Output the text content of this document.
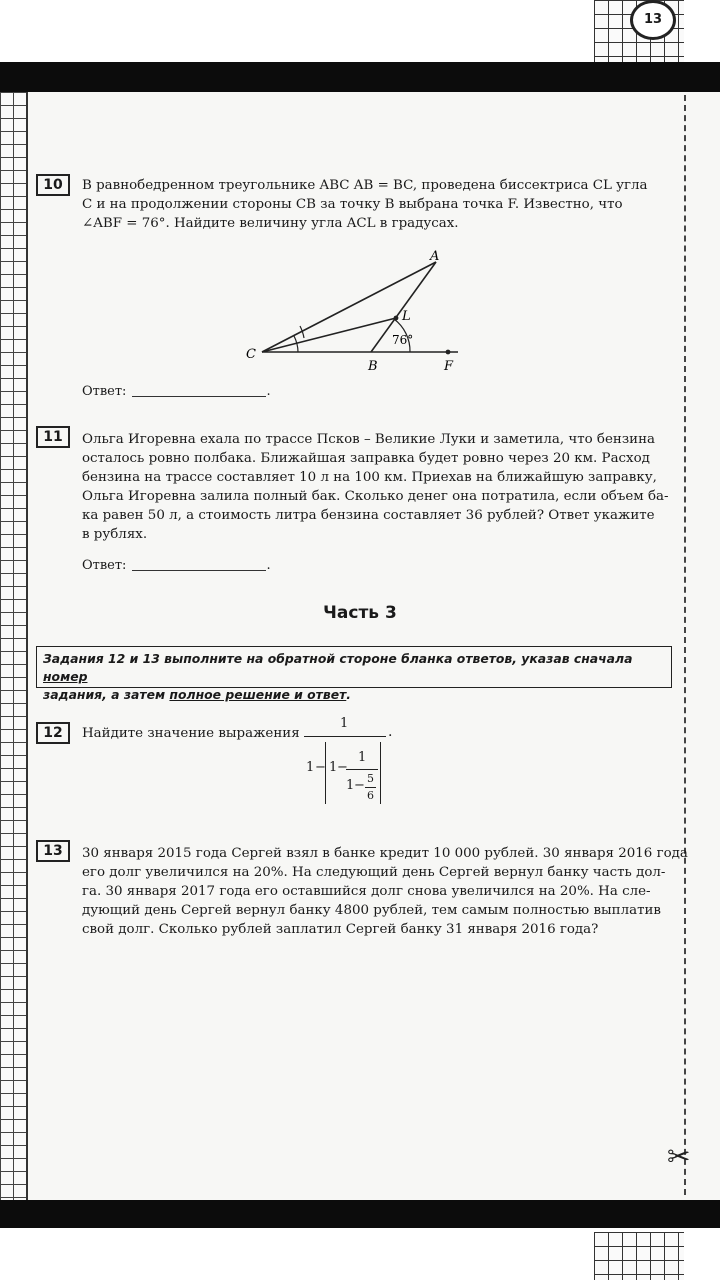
13
10	В равнобедренном треугольнике ABC AB = BC, проведена биссектриса CL угла
C и на продолжении стороны CB за точку B выбрана точка F. Известно, что
∠ABF = 76°. Найдите величину угла ACL в градусах.
A
L
C
B	F
76°
Ответ:	.
11	Ольга Игоревна ехала по трассе Псков – Великие Луки и заметила, что бензина
осталось ровно полбака. Ближайшая заправка будет ровно через 20 км. Расход
бензина на трассе составляет 10 л на 100 км. Приехав на ближайшую заправку,
Ольга Игоревна залила полный бак. Сколько денег она потратила, если объем ба-
ка равен 50 л, а стоимость литра бензина составляет 36 рублей? Ответ укажите
в рублях.
Ответ:	.
Часть 3
Задания 12 и 13 выполните на обратной стороне бланка ответов, указав сначала номер
задания, а затем полное решение и ответ.
12	Найдите значение выражения
1
.
1 − 1 −
1
1 − 5
6
13	30 января 2015 года Сергей взял в банке кредит 10 000 рублей. 30 января 2016 года
его долг увеличился на 20%. На следующий день Сергей вернул банку часть дол-
га. 30 января 2017 года его оставшийся долг снова увеличился на 20%. На сле-
дующий день Сергей вернул банку 4800 рублей, тем самым полностью выплатив
свой долг. Сколько рублей заплатил Сергей банку 31 января 2016 года?
✂
